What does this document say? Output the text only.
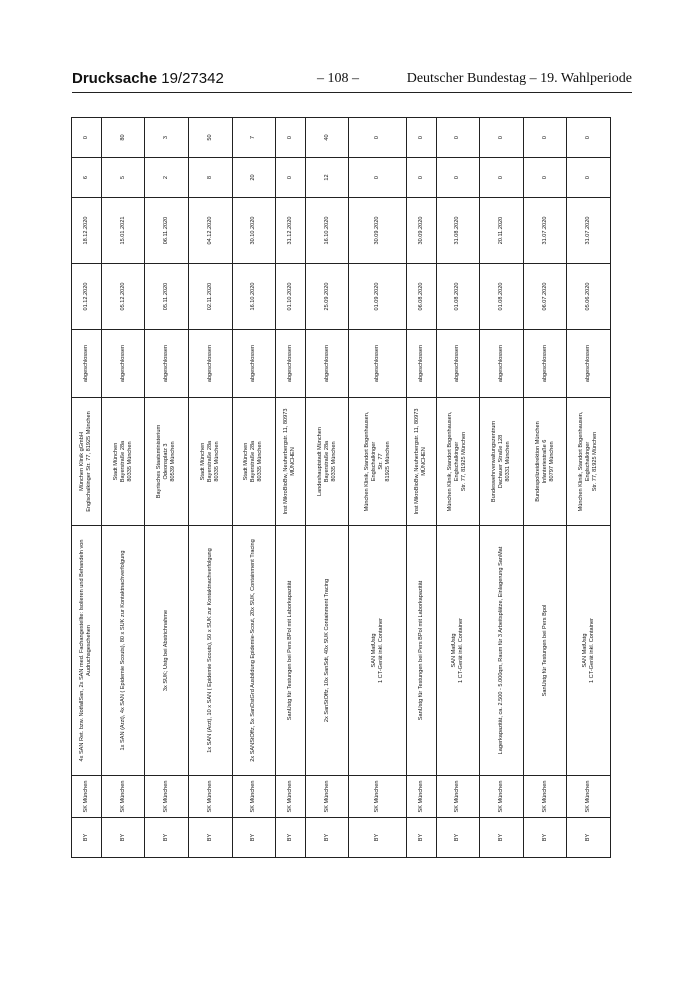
Drucksache 19/27342	– 108 –	Deutscher Bundestag – 19. Wahlperiode
BY	SK München	4x SAN Ret. bzw. NotfallSan, 2x SAN med. Fachangestellte: Isolieren und Behandeln von Audruchsgeschehen	München Klinik gGmbH Englschalkinger Str. 77, 81925 München	abgeschlossen	01.12.2020	18.12.2020	6	0
BY	SK München	1x SAN (Arzt), 4x SAN ( Epidemie Scouts), 80 x SUK zur Kontaktnachverfolgung	Stadt München Bayerstraße 28a 80335 München	abgeschlossen	05.12.2020	15.01.2021	5	80
BY	SK München	3x SUK; Ustg bei Abstrichnahme	Bayrisches Staatsministerium Odeonsplatz 3 80539 München	abgeschlossen	05.11.2020	06.11.2020	2	3
BY	SK München	1x SAN (Arzt), 10 x SAN ( Epidemie Scouts), 50 x SUK zur Kontaktnachverfolgung	Stadt München Bayerstraße 28a 80335 München	abgeschlossen	02.11.2020	04.12.2020	8	50
BY	SK München	2x SANStOffz, 5x SanDstGrd Ausbildung Epidemie-Scout, 20x SUK, Containment Tracing	Stadt München Bayerstraße 28a 80335 München	abgeschlossen	16.10.2020	30.10.2020	20	7
BY	SK München	SanUstg für Testungen bei Pers BPol mit Laborkapazität	Inst MikroBioBw, Neuherbergstr. 11, 80973 MÜNCHEN	abgeschlossen	01.10.2020	31.12.2020	0	0
BY	SK München	2x SanStOffz, 10x SanSdt, 40x SUK Containment Tracing	Landeshauptstadt München Bayerstraße 28a 80335 München	abgeschlossen	25.09.2020	16.10.2020	12	40
BY	SK München	SAN MatUstg 1 CT-Gerät inkl. Container	München Klinik, Standort Bogenhausen, Englschalkinger Str. 77 81925 München	abgeschlossen	01.09.2020	30.09.2020	0	0
BY	SK München	SanUstg für Testungen bei Pers BPol mit Laborkapazität	Inst MikroBioBw, Neuherbergstr. 11, 80973 MÜNCHEN	abgeschlossen	06.08.2020	30.09.2020	0	0
BY	SK München	SAN MatUstg 1 CT-Gerät inkl. Container	München Klinik, Standort Bogenhausen, Englschalkinger Str. 77, 81925 München	abgeschlossen	01.08.2020	31.08.2020	0	0
BY	SK München	Lagerkapazität, ca. 2.500 - 5.000qm, Raum für 3 Arbeitsplätze, Einlagerung SanMat	Bundeswehrverwaltungszentrum Dachauer Straße 128 80331 München	abgeschlossen	01.08.2020	20.11.2020	0	0
BY	SK München	SanUstg für Testungen bei Pers Bpol	Bundespolizeidirektion München Infanteriestraße 6 80797 München	abgeschlossen	06.07.2020	31.07.2020	0	0
BY	SK München	SAN MatUstg 1 CT-Gerät inkl. Container	München Klinik, Standort Bogenhausen, Englschalkinger Str. 77, 81925 München	abgeschlossen	05.06.2020	31.07.2020	0	0
